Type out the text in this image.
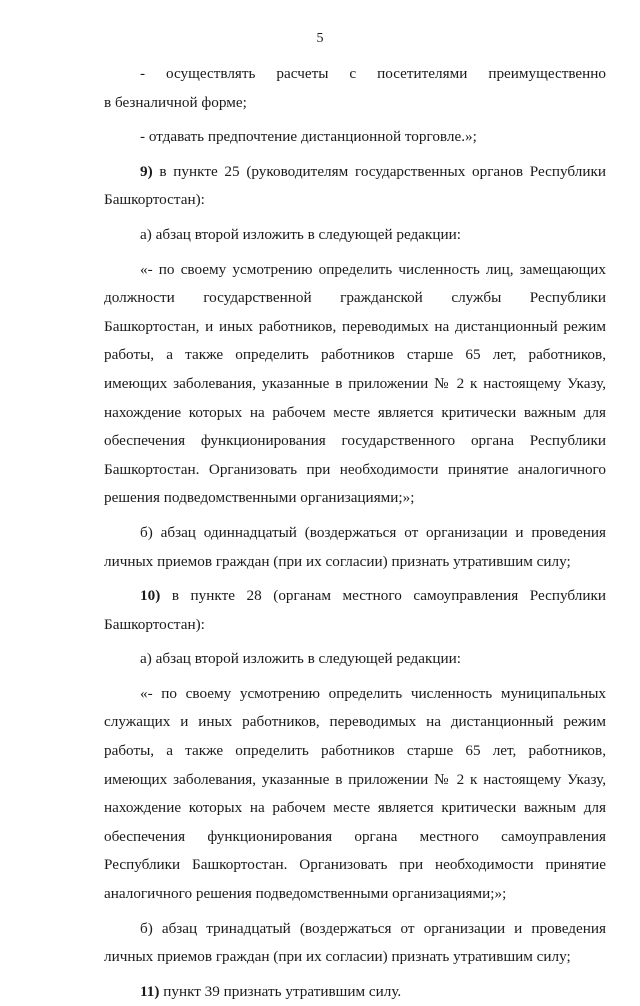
5

- осуществлять расчеты с посетителями преимущественно

в безналичной форме;

- отдавать предпочтение дистанционной торговле.»;

9) в пункте 25 (руководителям государственных органов Республики Башкортостан):

а) абзац второй изложить в следующей редакции:

«- по своему усмотрению определить численность лиц, замещающих должности государственной гражданской службы Республики Башкортостан, и иных работников, переводимых на дистанционный режим работы, а также определить работников старше 65 лет, работников, имеющих заболевания, указанные в приложении № 2 к настоящему Указу, нахождение которых на рабочем месте является критически важным для обеспечения функционирования государственного органа Республики Башкортостан. Организовать при необходимости принятие аналогичного решения подведомственными организациями;»;

б) абзац одиннадцатый (воздержаться от организации и проведения личных приемов граждан (при их согласии) признать утратившим силу;

10) в пункте 28 (органам местного самоуправления Республики Башкортостан):

а) абзац второй изложить в следующей редакции:

«- по своему усмотрению определить численность муниципальных служащих и иных работников, переводимых на дистанционный режим работы, а также определить работников старше 65 лет, работников, имеющих заболевания, указанные в приложении № 2 к настоящему Указу, нахождение которых на рабочем месте является критически важным для обеспечения функционирования органа местного самоуправления Республики Башкортостан. Организовать при необходимости принятие аналогичного решения подведомственными организациями;»;

б) абзац тринадцатый (воздержаться от организации и проведения личных приемов граждан (при их согласии) признать утратившим силу;

11) пункт 39 признать утратившим силу.
